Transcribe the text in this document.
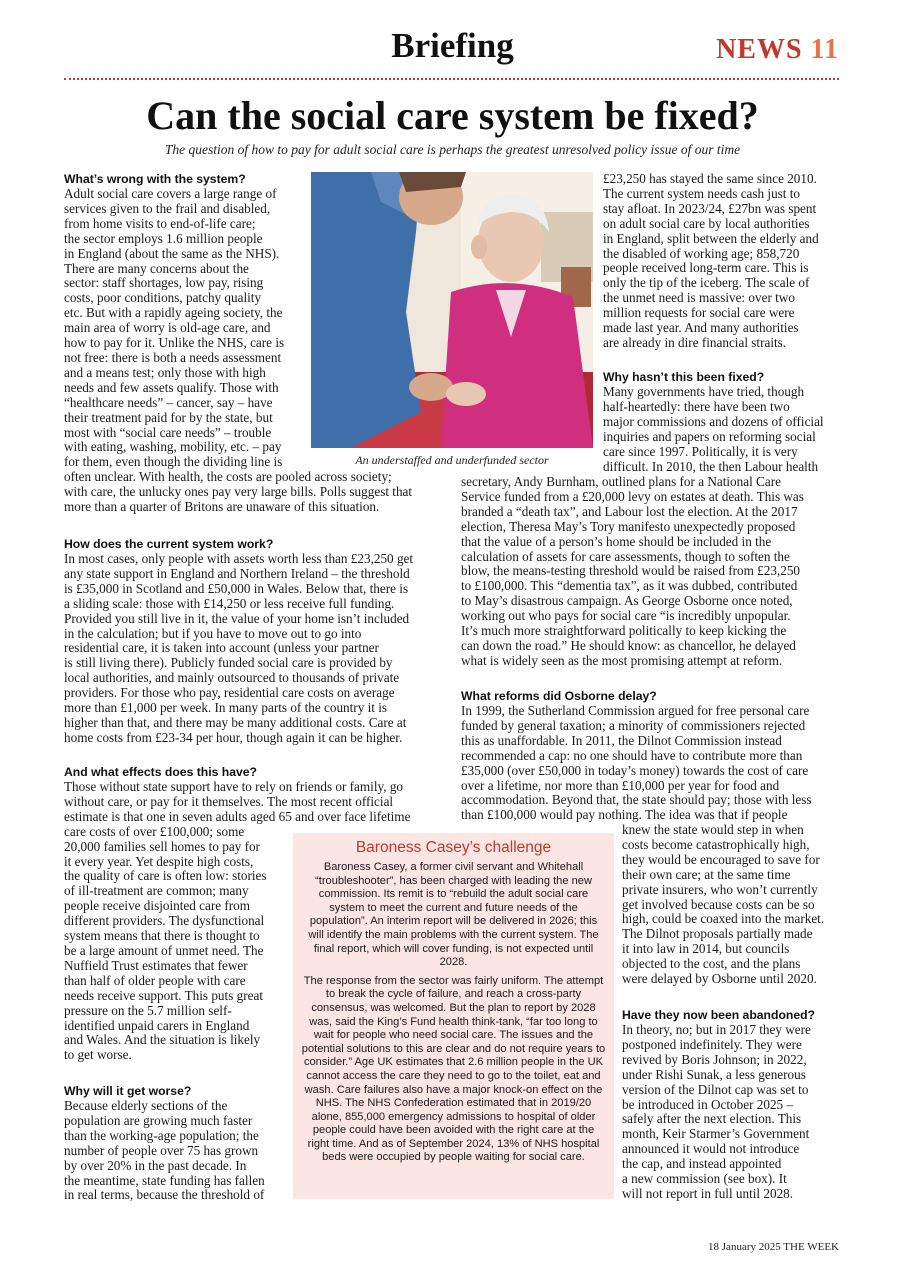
Briefing	NEWS 11
Can the social care system be fixed?
The question of how to pay for adult social care is perhaps the greatest unresolved policy issue of our time
An understaffed and underfunded sector
What’s wrong with the system?

Adult social care covers a large range of

services given to the frail and disabled,

from home visits to end-of-life care;

the sector employs 1.6 million people

in England (about the same as the NHS).

There are many concerns about the

sector: staff shortages, low pay, rising

costs, poor conditions, patchy quality

etc. But with a rapidly ageing society, the

main area of worry is old-age care, and

how to pay for it. Unlike the NHS, care is

not free: there is both a needs assessment

and a means test; only those with high

needs and few assets qualify. Those with

“healthcare needs” – cancer, say – have

their treatment paid for by the state, but

most with “social care needs” – trouble

with eating, washing, mobility, etc. – pay

for them, even though the dividing line is

often unclear. With health, the costs are pooled across society;

with care, the unlucky ones pay very large bills. Polls suggest that

more than a quarter of Britons are unaware of this situation.

How does the current system work?

In most cases, only people with assets worth less than £23,250 get

any state support in England and Northern Ireland – the threshold

is £35,000 in Scotland and £50,000 in Wales. Below that, there is

a sliding scale: those with £14,250 or less receive full funding.

Provided you still live in it, the value of your home isn’t included

in the calculation; but if you have to move out to go into

residential care, it is taken into account (unless your partner

is still living there). Publicly funded social care is provided by

local authorities, and mainly outsourced to thousands of private

providers. For those who pay, residential care costs on average

more than £1,000 per week. In many parts of the country it is

higher than that, and there may be many additional costs. Care at

home costs from £23-34 per hour, though again it can be higher.

And what effects does this have?

Those without state support have to rely on friends or family, go

without care, or pay for it themselves. The most recent official

estimate is that one in seven adults aged 65 and over face lifetime

care costs of over £100,000; some

20,000 families sell homes to pay for

it every year. Yet despite high costs,

the quality of care is often low: stories

of ill-treatment are common; many

people receive disjointed care from

different providers. The dysfunctional

system means that there is thought to

be a large amount of unmet need. The

Nuffield Trust estimates that fewer

than half of older people with care

needs receive support. This puts great

pressure on the 5.7 million self-

identified unpaid carers in England

and Wales. And the situation is likely

to get worse.

Why will it get worse?

Because elderly sections of the

population are growing much faster

than the working-age population; the

number of people over 75 has grown

by over 20% in the past decade. In

the meantime, state funding has fallen

in real terms, because the threshold of

£23,250 has stayed the same since 2010.

The current system needs cash just to

stay afloat. In 2023/24, £27bn was spent

on adult social care by local authorities

in England, split between the elderly and

the disabled of working age; 858,720

people received long-term care. This is

only the tip of the iceberg. The scale of

the unmet need is massive: over two

million requests for social care were

made last year. And many authorities

are already in dire financial straits.

Why hasn’t this been fixed?

Many governments have tried, though

half-heartedly: there have been two

major commissions and dozens of official

inquiries and papers on reforming social

care since 1997. Politically, it is very

difficult. In 2010, the then Labour health

secretary, Andy Burnham, outlined plans for a National Care

Service funded from a £20,000 levy on estates at death. This was

branded a “death tax”, and Labour lost the election. At the 2017

election, Theresa May’s Tory manifesto unexpectedly proposed

that the value of a person’s home should be included in the

calculation of assets for care assessments, though to soften the

blow, the means-testing threshold would be raised from £23,250

to £100,000. This “dementia tax”, as it was dubbed, contributed

to May’s disastrous campaign. As George Osborne once noted,

working out who pays for social care “is incredibly unpopular.

It’s much more straightforward politically to keep kicking the

can down the road.” He should know: as chancellor, he delayed

what is widely seen as the most promising attempt at reform.

What reforms did Osborne delay?

In 1999, the Sutherland Commission argued for free personal care

funded by general taxation; a minority of commissioners rejected

this as unaffordable. In 2011, the Dilnot Commission instead

recommended a cap: no one should have to contribute more than

£35,000 (over £50,000 in today’s money) towards the cost of care

over a lifetime, nor more than £10,000 per year for food and

accommodation. Beyond that, the state should pay; those with less

than £100,000 would pay nothing. The idea was that if people

knew the state would step in when

costs become catastrophically high,

they would be encouraged to save for

their own care; at the same time

private insurers, who won’t currently

get involved because costs can be so

high, could be coaxed into the market.

The Dilnot proposals partially made

it into law in 2014, but councils

objected to the cost, and the plans

were delayed by Osborne until 2020.

Have they now been abandoned?

In theory, no; but in 2017 they were

postponed indefinitely. They were

revived by Boris Johnson; in 2022,

under Rishi Sunak, a less generous

version of the Dilnot cap was set to

be introduced in October 2025 –

safely after the next election. This

month, Keir Starmer’s Government

announced it would not introduce

the cap, and instead appointed

a new commission (see box). It

will not report in full until 2028.

Baroness Casey’s challenge

Baroness Casey, a former civil servant and Whitehall “troubleshooter”, has been charged with leading the new commission. Its remit is to “rebuild the adult social care system to meet the current and future needs of the population”. An interim report will be delivered in 2026; this will identify the main problems with the current system. The final report, which will cover funding, is not expected until 2028.

The response from the sector was fairly uniform. The attempt to break the cycle of failure, and reach a cross-party consensus, was welcomed. But the plan to report by 2028 was, said the King’s Fund health think-tank, “far too long to wait for people who need social care. The issues and the potential solutions to this are clear and do not require years to consider.” Age UK estimates that 2.6 million people in the UK cannot access the care they need to go to the toilet, eat and wash. Care failures also have a major knock-on effect on the NHS. The NHS Confederation estimated that in 2019/20 alone, 855,000 emergency admissions to hospital of older people could have been avoided with the right care at the right time. And as of September 2024, 13% of NHS hospital beds were occupied by people waiting for social care.

18 January 2025 THE WEEK
